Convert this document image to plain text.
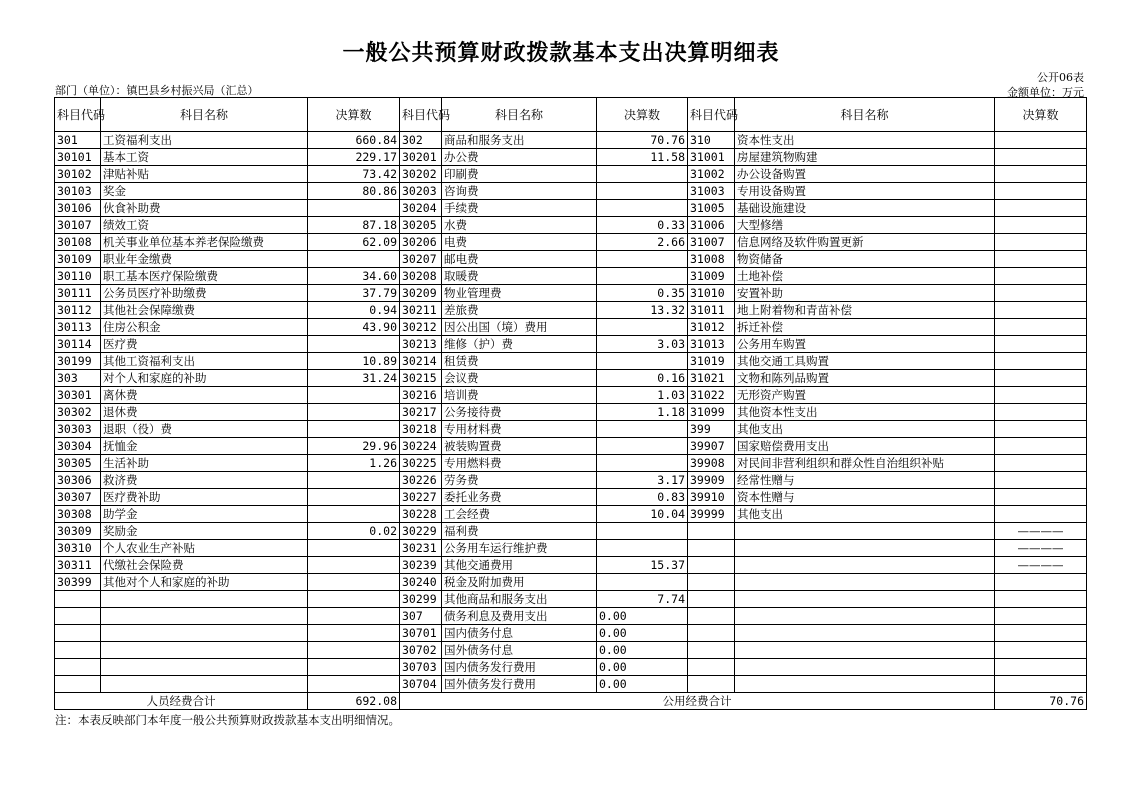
一般公共预算财政拨款基本支出决算明细表
公开06表
金额单位：万元
部门（单位）：镇巴县乡村振兴局（汇总）
科目代码	科目名称	决算数	科目代码	科目名称	决算数	科目代码	科目名称	决算数
301	工资福利支出	660.84	302	商品和服务支出	70.76	310	资本性支出	
30101	基本工资	229.17	30201	办公费	11.58	31001	房屋建筑物购建	
30102	津贴补贴	73.42	30202	印刷费		31002	办公设备购置	
30103	奖金	80.86	30203	咨询费		31003	专用设备购置	
30106	伙食补助费		30204	手续费		31005	基础设施建设	
30107	绩效工资	87.18	30205	水费	0.33	31006	大型修缮	
30108	机关事业单位基本养老保险缴费	62.09	30206	电费	2.66	31007	信息网络及软件购置更新	
30109	职业年金缴费		30207	邮电费		31008	物资储备	
30110	职工基本医疗保险缴费	34.60	30208	取暖费		31009	土地补偿	
30111	公务员医疗补助缴费	37.79	30209	物业管理费	0.35	31010	安置补助	
30112	其他社会保障缴费	0.94	30211	差旅费	13.32	31011	地上附着物和青苗补偿	
30113	住房公积金	43.90	30212	因公出国（境）费用		31012	拆迁补偿	
30114	医疗费		30213	维修（护）费	3.03	31013	公务用车购置	
30199	其他工资福利支出	10.89	30214	租赁费		31019	其他交通工具购置	
303	对个人和家庭的补助	31.24	30215	会议费	0.16	31021	文物和陈列品购置	
30301	离休费		30216	培训费	1.03	31022	无形资产购置	
30302	退休费		30217	公务接待费	1.18	31099	其他资本性支出	
30303	退职（役）费		30218	专用材料费		399	其他支出	
30304	抚恤金	29.96	30224	被装购置费		39907	国家赔偿费用支出	
30305	生活补助	1.26	30225	专用燃料费		39908	对民间非营利组织和群众性自治组织补贴	
30306	救济费		30226	劳务费	3.17	39909	经常性赠与	
30307	医疗费补助		30227	委托业务费	0.83	39910	资本性赠与	
30308	助学金		30228	工会经费	10.04	39999	其他支出	
30309	奖励金	0.02	30229	福利费				————
30310	个人农业生产补贴		30231	公务用车运行维护费				————
30311	代缴社会保险费		30239	其他交通费用	15.37			————
30399	其他对个人和家庭的补助		30240	税金及附加费用				
			30299	其他商品和服务支出	7.74			
			307	债务利息及费用支出	0.00			
			30701	国内债务付息	0.00			
			30702	国外债务付息	0.00			
			30703	国内债务发行费用	0.00			
			30704	国外债务发行费用	0.00			
人员经费合计		692.08	公用经费合计					70.76
注：本表反映部门本年度一般公共预算财政拨款基本支出明细情况。
